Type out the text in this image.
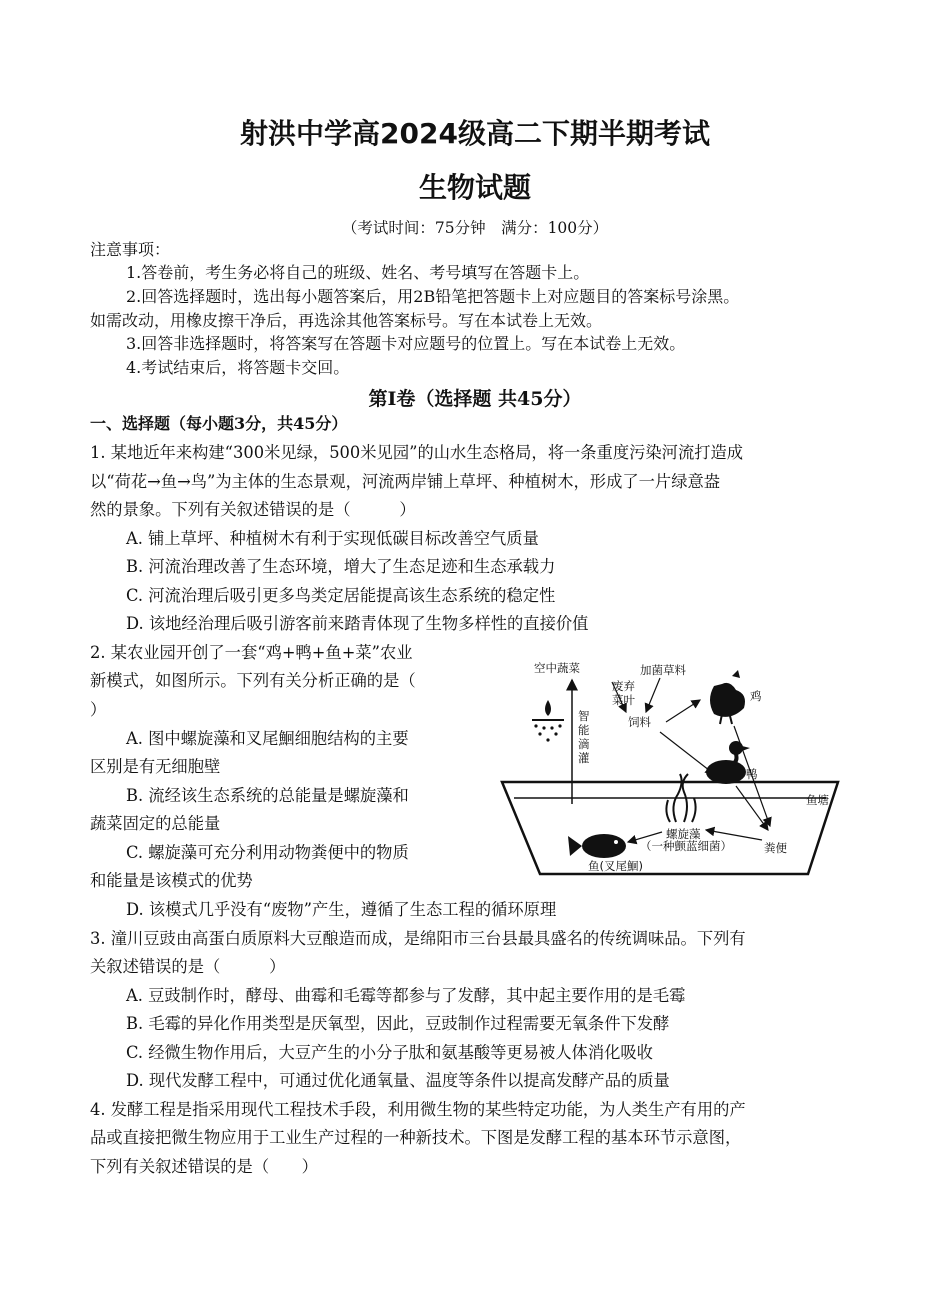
射洪中学高2024级高二下期半期考试
生物试题
（考试时间：75分钟　满分：100分）
注意事项：
1.答卷前，考生务必将自己的班级、姓名、考号填写在答题卡上。
2.回答选择题时，选出每小题答案后，用2B铅笔把答题卡上对应题目的答案标号涂黑。
如需改动，用橡皮擦干净后，再选涂其他答案标号。写在本试卷上无效。
3.回答非选择题时，将答案写在答题卡对应题号的位置上。写在本试卷上无效。
4.考试结束后，将答题卡交回。
第Ⅰ卷（选择题 共45分）
一、选择题（每小题3分，共45分）
1. 某地近年来构建“300米见绿，500米见园”的山水生态格局，将一条重度污染河流打造成
以“荷花→鱼→鸟”为主体的生态景观，河流两岸铺上草坪、种植树木，形成了一片绿意盎
然的景象。下列有关叙述错误的是（　　　）
A. 铺上草坪、种植树木有利于实现低碳目标改善空气质量
B. 河流治理改善了生态环境，增大了生态足迹和生态承载力
C. 河流治理后吸引更多鸟类定居能提高该生态系统的稳定性
D. 该地经治理后吸引游客前来踏青体现了生物多样性的直接价值
2. 某农业园开创了一套“鸡+鸭+鱼+菜”农业
新模式，如图所示。下列有关分析正确的是（
）
A. 图中螺旋藻和叉尾鮰细胞结构的主要
区别是有无细胞壁
B. 流经该生态系统的总能量是螺旋藻和
蔬菜固定的总能量
C. 螺旋藻可充分利用动物粪便中的物质
和能量是该模式的优势
D. 该模式几乎没有“废物”产生，遵循了生态工程的循环原理
鱼塘
空中蔬菜
智
能
滴
灌
加菌草料
废弃
菜叶
饲料
鸡
鸭
螺旋藻
（一种颤蓝细菌）	粪便
鱼(叉尾鮰)
3. 潼川豆豉由高蛋白质原料大豆酿造而成，是绵阳市三台县最具盛名的传统调味品。下列有
关叙述错误的是（　　　）
A. 豆豉制作时，酵母、曲霉和毛霉等都参与了发酵，其中起主要作用的是毛霉
B. 毛霉的异化作用类型是厌氧型，因此，豆豉制作过程需要无氧条件下发酵
C. 经微生物作用后，大豆产生的小分子肽和氨基酸等更易被人体消化吸收
D. 现代发酵工程中，可通过优化通氧量、温度等条件以提高发酵产品的质量
4. 发酵工程是指采用现代工程技术手段，利用微生物的某些特定功能，为人类生产有用的产
品或直接把微生物应用于工业生产过程的一种新技术。下图是发酵工程的基本环节示意图，
下列有关叙述错误的是（　　）
